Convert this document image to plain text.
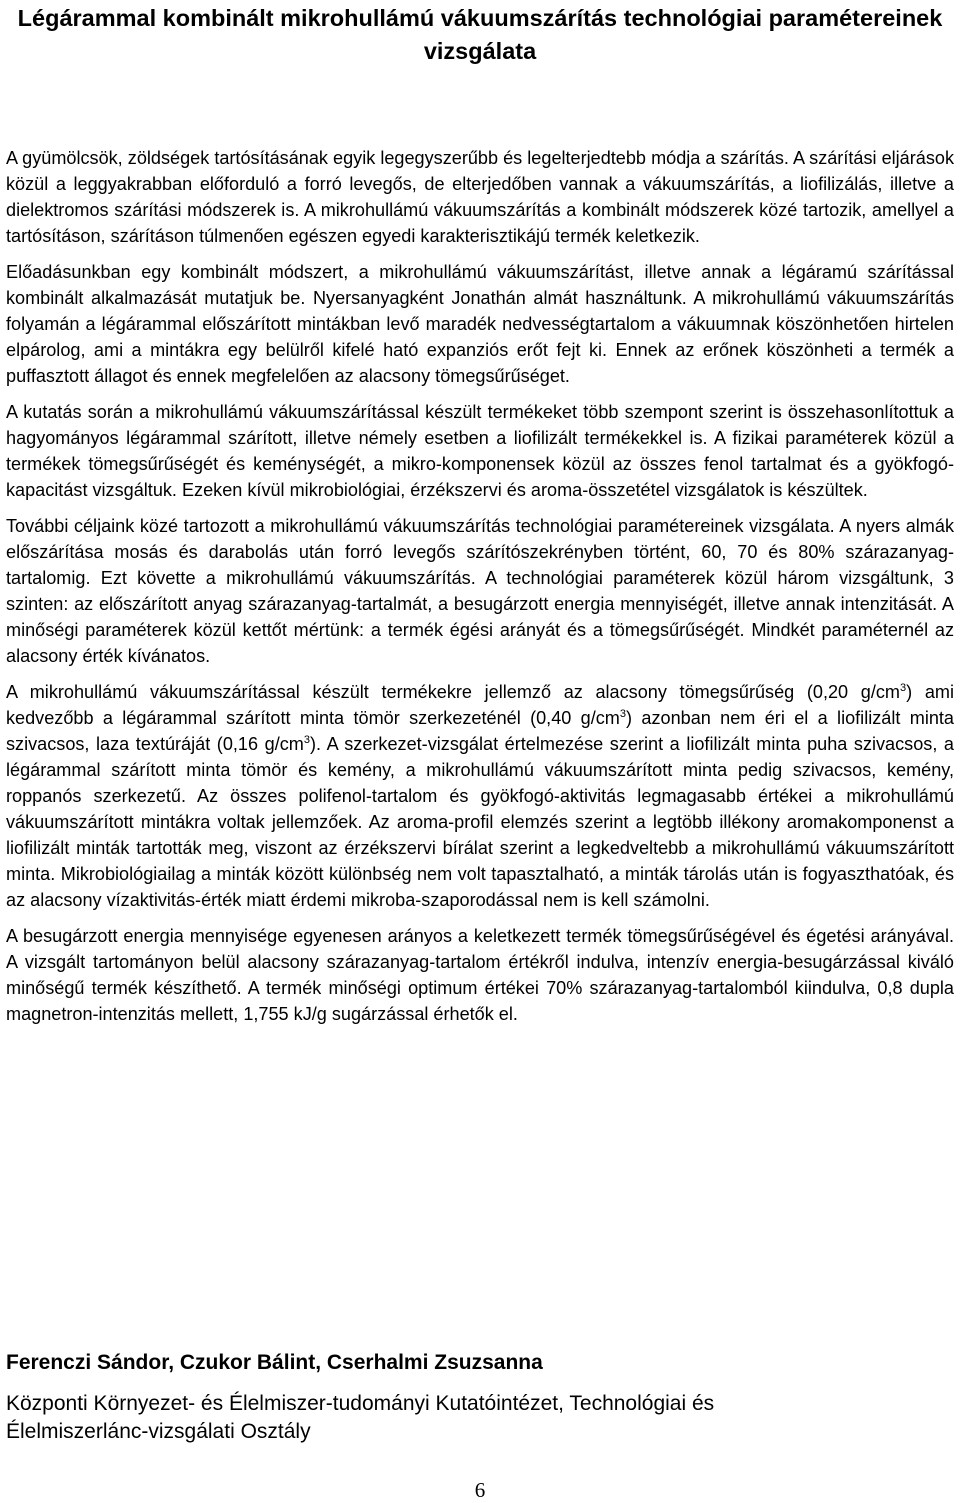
Légárammal kombinált mikrohullámú vákuumszárítás technológiai paramétereinek vizsgálata

A gyümölcsök, zöldségek tartósításának egyik legegyszerűbb és legelterjedtebb módja a szárítás. A szárítási eljárások közül a leggyakrabban előforduló a forró levegős, de elterjedőben vannak a vákuumszárítás, a liofilizálás, illetve a dielektromos szárítási módszerek is. A mikrohullámú vákuumszárítás a kombinált módszerek közé tartozik, amellyel a tartósításon, szárításon túlmenően egészen egyedi karakterisztikájú termék keletkezik.

Előadásunkban egy kombinált módszert, a mikrohullámú vákuumszárítást, illetve annak a légáramú szárítással kombinált alkalmazását mutatjuk be. Nyersanyagként Jonathán almát használtunk. A mikrohullámú vákuumszárítás folyamán a légárammal előszárított mintákban levő maradék nedvességtartalom a vákuumnak köszönhetően hirtelen elpárolog, ami a mintákra egy belülről kifelé ható expanziós erőt fejt ki. Ennek az erőnek köszönheti a termék a puffasztott állagot és ennek megfelelően az alacsony tömegsűrűséget.

A kutatás során a mikrohullámú vákuumszárítással készült termékeket több szempont szerint is összehasonlítottuk a hagyományos légárammal szárított, illetve némely esetben a liofilizált termékekkel is. A fizikai paraméterek közül a termékek tömegsűrűségét és keménységét, a mikro-komponensek közül az összes fenol tartalmat és a gyökfogó-kapacitást vizsgáltuk. Ezeken kívül mikrobiológiai, érzékszervi és aroma-összetétel vizsgálatok is készültek.

További céljaink közé tartozott a mikrohullámú vákuumszárítás technológiai paramétereinek vizsgálata. A nyers almák előszárítása mosás és darabolás után forró levegős szárítószekrényben történt, 60, 70 és 80% szárazanyag-tartalomig. Ezt követte a mikrohullámú vákuumszárítás. A technológiai paraméterek közül három vizsgáltunk, 3 szinten: az előszárított anyag szárazanyag-tartalmát, a besugárzott energia mennyiségét, illetve annak intenzitását. A minőségi paraméterek közül kettőt mértünk: a termék égési arányát és a tömegsűrűségét. Mindkét paraméternél az alacsony érték kívánatos.

A mikrohullámú vákuumszárítással készült termékekre jellemző az alacsony tömegsűrűség (0,20 $g/cm^3$) ami kedvezőbb a légárammal szárított minta tömör szerkezeténél (0,40 $g/cm^3$) azonban nem éri el a liofilizált minta szivacsos, laza textúráját (0,16 $g/cm^3$). A szerkezet-vizsgálat értelmezése szerint a liofilizált minta puha szivacsos, a légárammal szárított minta tömör és kemény, a mikrohullámú vákuumszárított minta pedig szivacsos, kemény, roppanós szerkezetű. Az összes polifenol-tartalom és gyökfogó-aktivitás legmagasabb értékei a mikrohullámú vákuumszárított mintákra voltak jellemzőek. Az aroma-profil elemzés szerint a legtöbb illékony aromakomponenst a liofilizált minták tartották meg, viszont az érzékszervi bírálat szerint a legkedveltebb a mikrohullámú vákuumszárított minta. Mikrobiológiailag a minták között különbség nem volt tapasztalható, a minták tárolás után is fogyaszthatóak, és az alacsony vízaktivitás-érték miatt érdemi mikroba-szaporodással nem is kell számolni.

A besugárzott energia mennyisége egyenesen arányos a keletkezett termék tömegsűrűségével és égetési arányával. A vizsgált tartományon belül alacsony szárazanyag-tartalom értékről indulva, intenzív energia-besugárzással kiváló minőségű termék készíthető. A termék minőségi optimum értékei 70% szárazanyag-tartalomból kiindulva, 0,8 dupla magnetron-intenzitás mellett, 1,755 kJ/g sugárzással érhetők el.

Ferenczi Sándor, Czukor Bálint, Cserhalmi Zsuzsanna

Központi Környezet- és Élelmiszer-tudományi Kutatóintézet, Technológiai és
Élelmiszerlánc-vizsgálati Osztály

6
